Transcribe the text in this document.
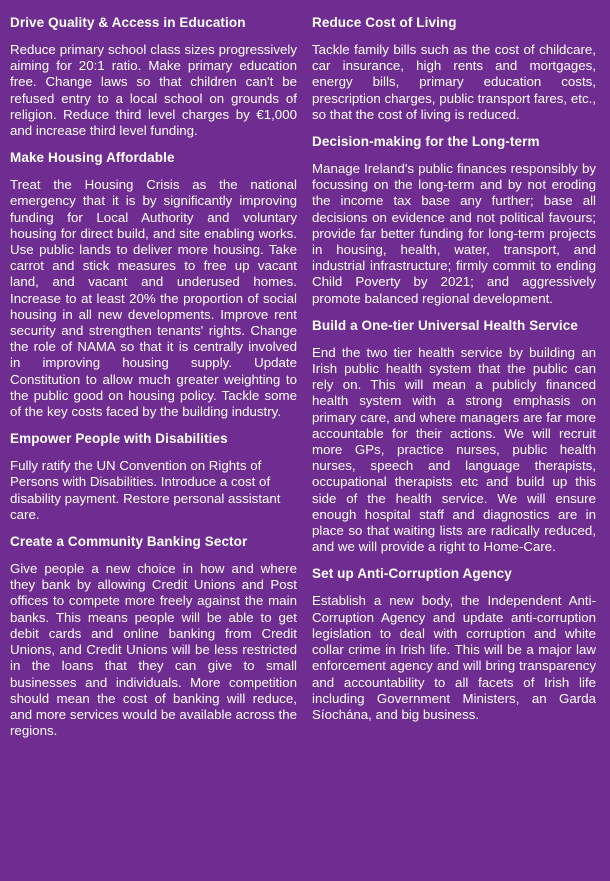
Drive Quality & Access in Education

Reduce primary school class sizes progressively aiming for 20:1 ratio. Make primary education free. Change laws so that children can't be refused entry to a local school on grounds of religion. Reduce third level charges by €1,000 and increase third level funding.

Make Housing Affordable

Treat the Housing Crisis as the national emergency that it is by significantly improving funding for Local Authority and voluntary housing for direct build, and site enabling works. Use public lands to deliver more housing. Take carrot and stick measures to free up vacant land, and vacant and underused homes. Increase to at least 20% the proportion of social housing in all new developments. Improve rent security and strengthen tenants' rights. Change the role of NAMA so that it is centrally involved in improving housing supply. Update Constitution to allow much greater weighting to the public good on housing policy. Tackle some of the key costs faced by the building industry.

Empower People with Disabilities

Fully ratify the UN Convention on Rights of Persons with Disabilities. Introduce a cost of disability payment. Restore personal assistant care.

Create a Community Banking Sector

Give people a new choice in how and where they bank by allowing Credit Unions and Post offices to compete more freely against the main banks. This means people will be able to get debit cards and online banking from Credit Unions, and Credit Unions will be less restricted in the loans that they can give to small businesses and individuals. More competition should mean the cost of banking will reduce, and more services would be available across the regions.

Reduce Cost of Living

Tackle family bills such as the cost of childcare, car insurance, high rents and mortgages, energy bills, primary education costs, prescription charges, public transport fares, etc., so that the cost of living is reduced.

Decision-making for the Long-term

Manage Ireland's public finances responsibly by focussing on the long-term and by not eroding the income tax base any further; base all decisions on evidence and not political favours; provide far better funding for long-term projects in housing, health, water, transport, and industrial infrastructure; firmly commit to ending Child Poverty by 2021; and aggressively promote balanced regional development.

Build a One-tier Universal Health Service

End the two tier health service by building an Irish public health system that the public can rely on. This will mean a publicly financed health system with a strong emphasis on primary care, and where managers are far more accountable for their actions. We will recruit more GPs, practice nurses, public health nurses, speech and language therapists, occupational therapists etc and build up this side of the health service. We will ensure enough hospital staff and diagnostics are in place so that waiting lists are radically reduced, and we will provide a right to Home-Care.

Set up Anti-Corruption Agency

Establish a new body, the Independent Anti-Corruption Agency and update anti-corruption legislation to deal with corruption and white collar crime in Irish life. This will be a major law enforcement agency and will bring transparency and accountability to all facets of Irish life including Government Ministers, an Garda Síochána, and big business.
